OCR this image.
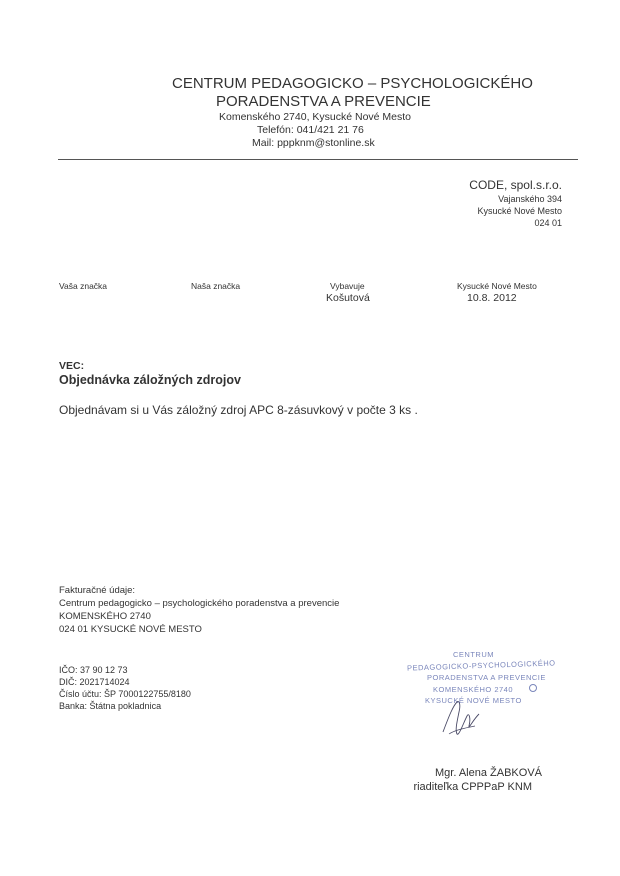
CENTRUM PEDAGOGICKO – PSYCHOLOGICKÉHO
PORADENSTVA A PREVENCIE
Komenského 2740, Kysucké Nové Mesto
Telefón: 041/421 21 76
Mail: pppknm@stonline.sk
CODE, spol.s.r.o.
Vajanského 394
Kysucké Nové Mesto
024 01
Vaša značka	Naša značka	Vybavuje
Košutová
Kysucké Nové Mesto
10.8. 2012
VEC:
Objednávka záložných zdrojov
Objednávam si u Vás záložný zdroj APC 8-zásuvkový v počte 3 ks .
Fakturačné údaje:
Centrum pedagogicko – psychologického poradenstva a prevencie
KOMENSKÉHO 2740
024 01 KYSUCKÉ NOVÉ MESTO
IČO: 37 90 12 73
DIČ: 2021714024
Číslo účtu: ŠP 7000122755/8180
Banka: Štátna pokladnica
CENTRUM
PEDAGOGICKO-PSYCHOLOGICKÉHO
PORADENSTVA A PREVENCIE
KOMENSKÉHO 2740
KYSUCKÉ NOVÉ MESTO
Mgr. Alena ŽABKOVÁ
riaditeľka CPPPaP KNM
